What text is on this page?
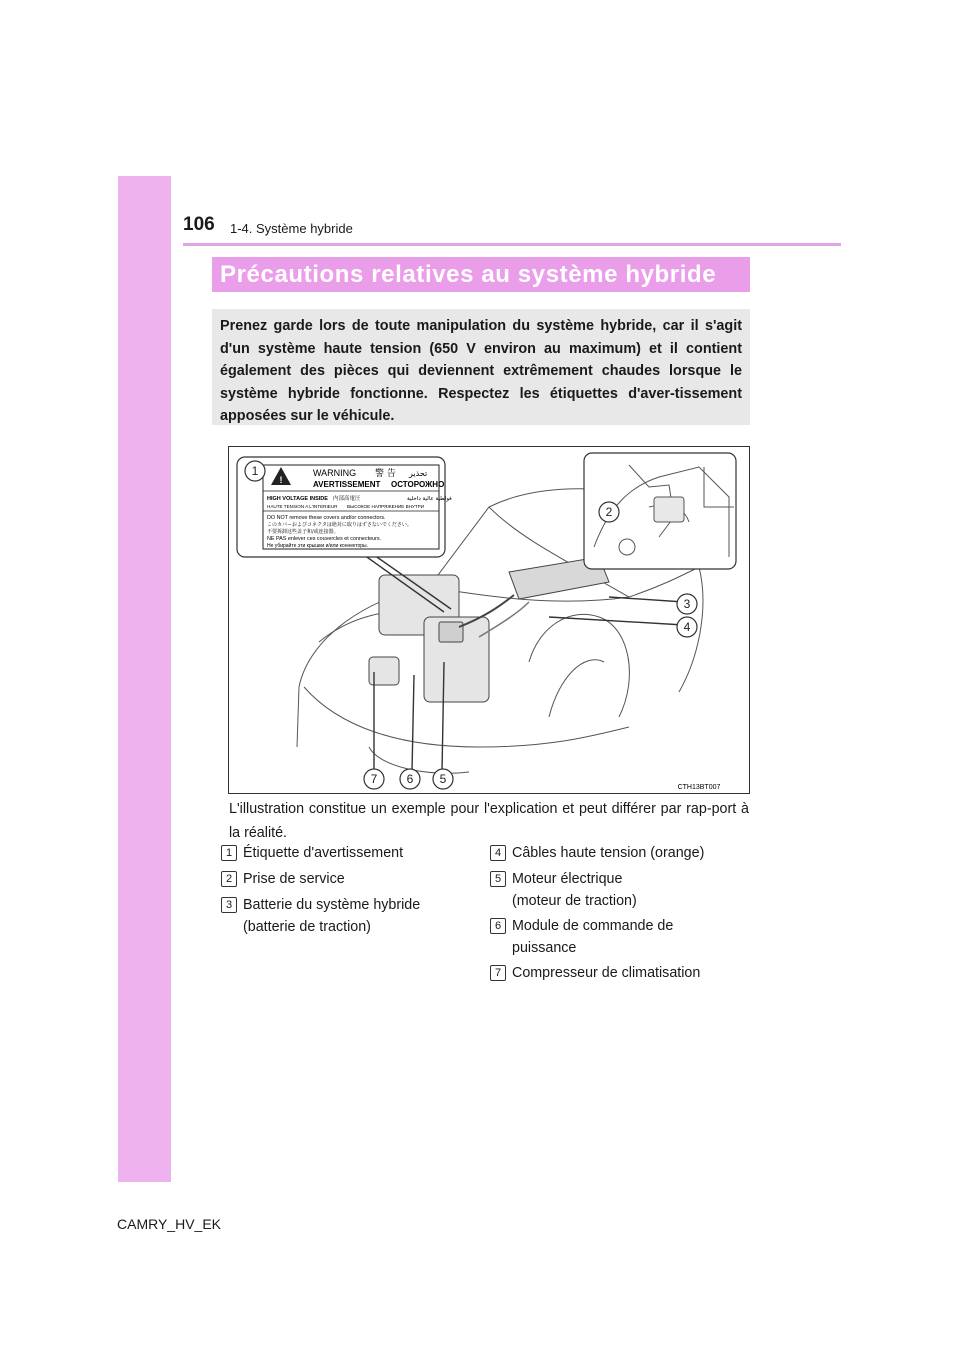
106 1-4. Système hybride
Précautions relatives au système hybride
Prenez garde lors de toute manipulation du système hybride, car il s'agit d'un système haute tension (650 V environ au maximum) et il contient également des pièces qui deviennent extrêmement chaudes lorsque le système hybride fonctionne. Respectez les étiquettes d'aver-tissement apposées sur le véhicule.
!
WARNING 警 告 تحذير
AVERTISSEMENT ОСТОРОЖНО
HIGH VOLTAGE INSIDE 内部高電圧	فولطية عالية داخلية
HAUTE TENSION A L'INTERIEUR ВЫСОКОЕ НАПРЯЖЕНИЕ ВНУТРИ
DO NOT remove these covers and/or connectors.
このカバーおよびコネクタは絶対に取りはずさないでください。
不要拆卸这些盖子和/或连接器。
NE PAS enlever ces couvercles et connecteurs.
Не убирайте эти крышки и/или коннекторы.
1
2
3
4
5
6
7
CTH13BT007
L'illustration constitue un exemple pour l'explication et peut différer par rap-port à la réalité.
1 Étiquette d'avertissement
2 Prise de service
3 Batterie du système hybride
(batterie de traction)
4 Câbles haute tension (orange)
5 Moteur électrique
(moteur de traction)
6 Module de commande de
puissance
7 Compresseur de climatisation
CAMRY_HV_EK
